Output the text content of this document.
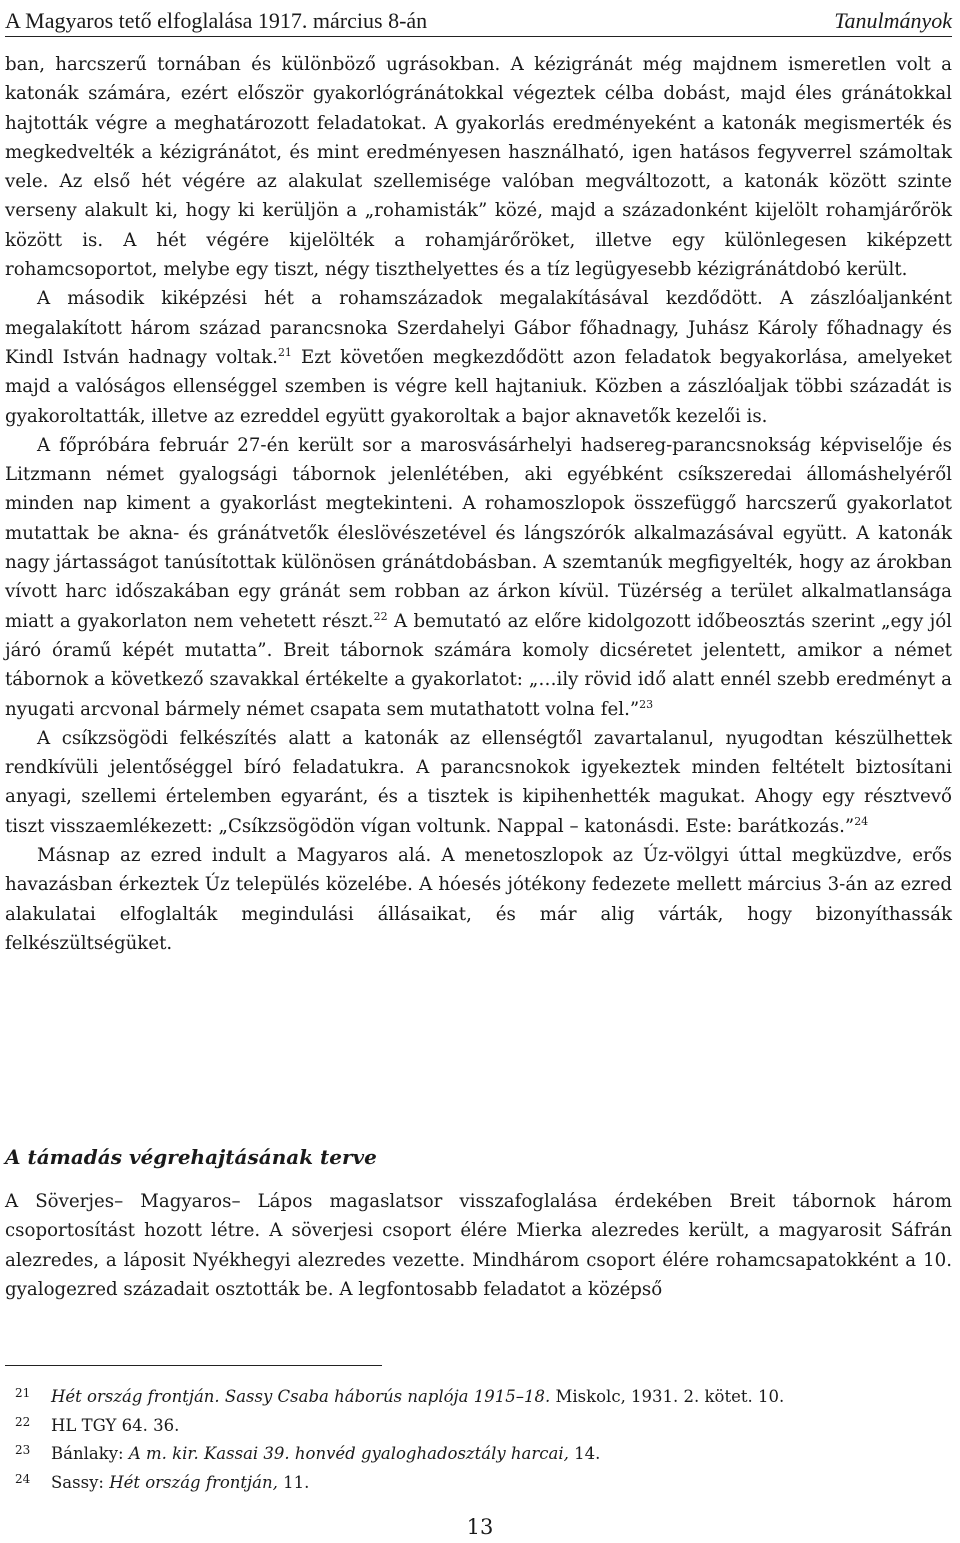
A Magyaros tető elfoglalása 1917. március 8-án	Tanulmányok

ban, harcszerű tornában és különböző ugrásokban. A kézigránát még majdnem ismeretlen volt a katonák számára, ezért először gyakorlógránátokkal végeztek célba dobást, majd éles gránátokkal hajtották végre a meghatározott feladatokat. A gyakorlás eredményeként a katonák megismerték és megkedvelték a kézigránátot, és mint eredményesen használható, igen hatásos fegyverrel számoltak vele. Az első hét végére az alakulat szellemisége valóban megváltozott, a katonák között szinte verseny alakult ki, hogy ki kerüljön a „rohamisták” közé, majd a századonként kijelölt rohamjárőrök között is. A hét végére kijelölték a rohamjárőröket, illetve egy különlegesen kiképzett rohamcsoportot, melybe egy tiszt, négy tiszthelyettes és a tíz legügyesebb kézigránátdobó került.

A második kiképzési hét a rohamszázadok megalakításával kezdődött. A zászlóaljanként megalakított három század parancsnoka Szerdahelyi Gábor főhadnagy, Juhász Károly főhadnagy és Kindl István hadnagy voltak.$^{21}$ Ezt követően megkezdődött azon feladatok begyakorlása, amelyeket majd a valóságos ellenséggel szemben is végre kell hajtaniuk. Közben a zászlóaljak többi századát is gyakoroltatták, illetve az ezreddel együtt gyakoroltak a bajor aknavetők kezelői is.

A főpróbára február 27-én került sor a marosvásárhelyi hadsereg-parancsnokság képviselője és Litzmann német gyalogsági tábornok jelenlétében, aki egyébként csíkszeredai állomáshelyéről minden nap kiment a gyakorlást megtekinteni. A rohamoszlopok összefüggő harcszerű gyakorlatot mutattak be akna- és gránátvetők éleslövészetével és lángszórók alkalmazásával együtt. A katonák nagy jártasságot tanúsítottak különösen gránátdobásban. A szemtanúk megfigyelték, hogy az árokban vívott harc időszakában egy gránát sem robban az árkon kívül. Tüzérség a terület alkalmatlansága miatt a gyakorlaton nem vehetett részt.$^{22}$ A bemutató az előre kidolgozott időbeosztás szerint „egy jól járó óramű képét mutatta”. Breit tábornok számára komoly dicséretet jelentett, amikor a német tábornok a következő szavakkal értékelte a gyakorlatot: „…ily rövid idő alatt ennél szebb eredményt a nyugati arcvonal bármely német csapata sem mutathatott volna fel.”$^{23}$

A csíkzsögödi felkészítés alatt a katonák az ellenségtől zavartalanul, nyugodtan készülhettek rendkívüli jelentőséggel bíró feladatukra. A parancsnokok igyekeztek minden feltételt biztosítani anyagi, szellemi értelemben egyaránt, és a tisztek is kipihenhették magukat. Ahogy egy résztvevő tiszt visszaemlékezett: „Csíkzsögödön vígan voltunk. Nappal – katonásdi. Este: barátkozás.”$^{24}$

Másnap az ezred indult a Magyaros alá. A menetoszlopok az Úz-völgyi úttal megküzdve, erős havazásban érkeztek Úz település közelébe. A hóesés jótékony fedezete mellett március 3-án az ezred alakulatai elfoglalták megindulási állásaikat, és már alig várták, hogy bizonyíthassák felkészültségüket.

A támadás végrehajtásának terve

A Söverjes– Magyaros– Lápos magaslatsor visszafoglalása érdekében Breit tábornok három csoportosítást hozott létre. A söverjesi csoport élére Mierka alezredes került, a magyarosit Sáfrán alezredes, a láposit Nyékhegyi alezredes vezette. Mindhárom csoport élére rohamcsapatokként a 10. gyalogezred századait osztották be. A legfontosabb feladatot a középső

21	Hét ország frontján. Sassy Csaba háborús naplója 1915–18. Miskolc, 1931. 2. kötet. 10.
22	HL TGY 64. 36.
23	Bánlaky: A m. kir. Kassai 39. honvéd gyaloghadosztály harcai, 14.
24	Sassy: Hét ország frontján, 11.
13
